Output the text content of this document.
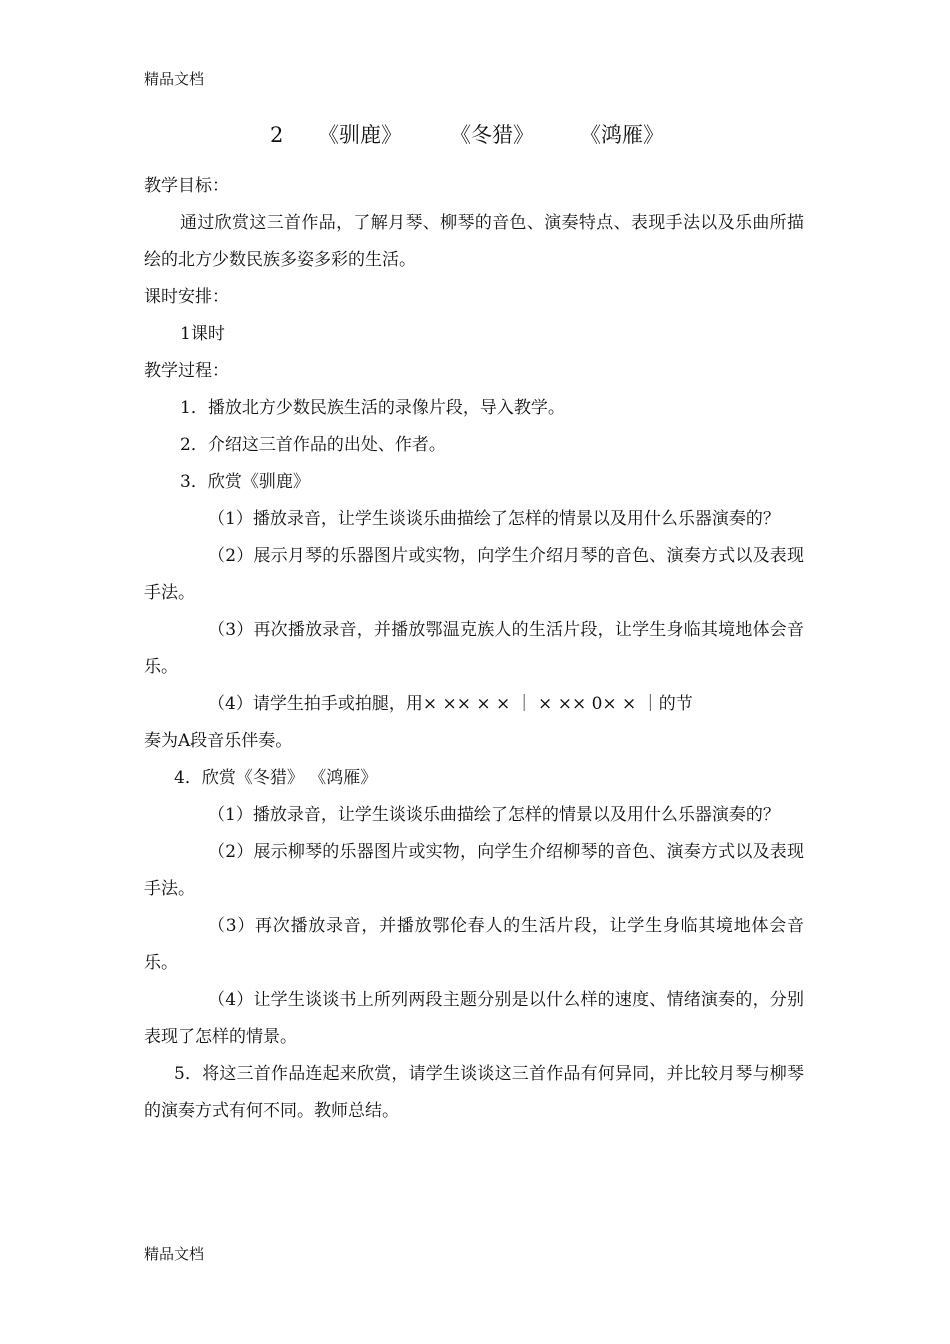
精品文档
2 《驯鹿》 《冬猎》 《鸿雁》

教学目标：

通过欣赏这三首作品，了解月琴、柳琴的音色、演奏特点、表现手法以及乐曲所描绘的北方少数民族多姿多彩的生活。

课时安排：

1课时

教学过程：

1．播放北方少数民族生活的录像片段，导入教学。

2．介绍这三首作品的出处、作者。

3．欣赏《驯鹿》

（1）播放录音，让学生谈谈乐曲描绘了怎样的情景以及用什么乐器演奏的？

（2）展示月琴的乐器图片或实物，向学生介绍月琴的音色、演奏方式以及表现手法。

（3）再次播放录音，并播放鄂温克族人的生活片段，让学生身临其境地体会音乐。

（4）请学生拍手或拍腿，用× ×× × × ｜ × ×× 0× × ｜的节

奏为A段音乐伴奏。

4．欣赏《冬猎》 《鸿雁》

（1）播放录音，让学生谈谈乐曲描绘了怎样的情景以及用什么乐器演奏的？

（2）展示柳琴的乐器图片或实物，向学生介绍柳琴的音色、演奏方式以及表现手法。

（3）再次播放录音，并播放鄂伦春人的生活片段，让学生身临其境地体会音乐。

（4）让学生谈谈书上所列两段主题分别是以什么样的速度、情绪演奏的，分别表现了怎样的情景。

5．将这三首作品连起来欣赏，请学生谈谈这三首作品有何异同，并比较月琴与柳琴的演奏方式有何不同。教师总结。

精品文档
